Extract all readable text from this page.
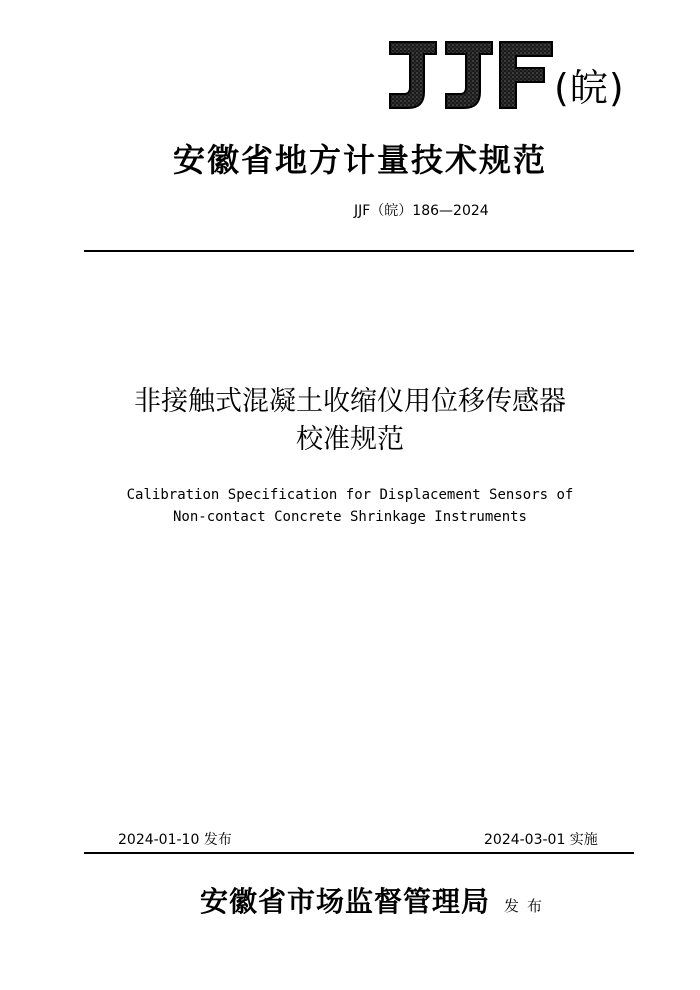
(皖)
安徽省地方计量技术规范
JJF（皖）186—2024
非接触式混凝土收缩仪用位移传感器
校准规范
Calibration Specification for Displacement Sensors of
Non-contact Concrete Shrinkage Instruments
2024-01-10 发布	2024-03-01 实施
安徽省市场监督管理局 发布
